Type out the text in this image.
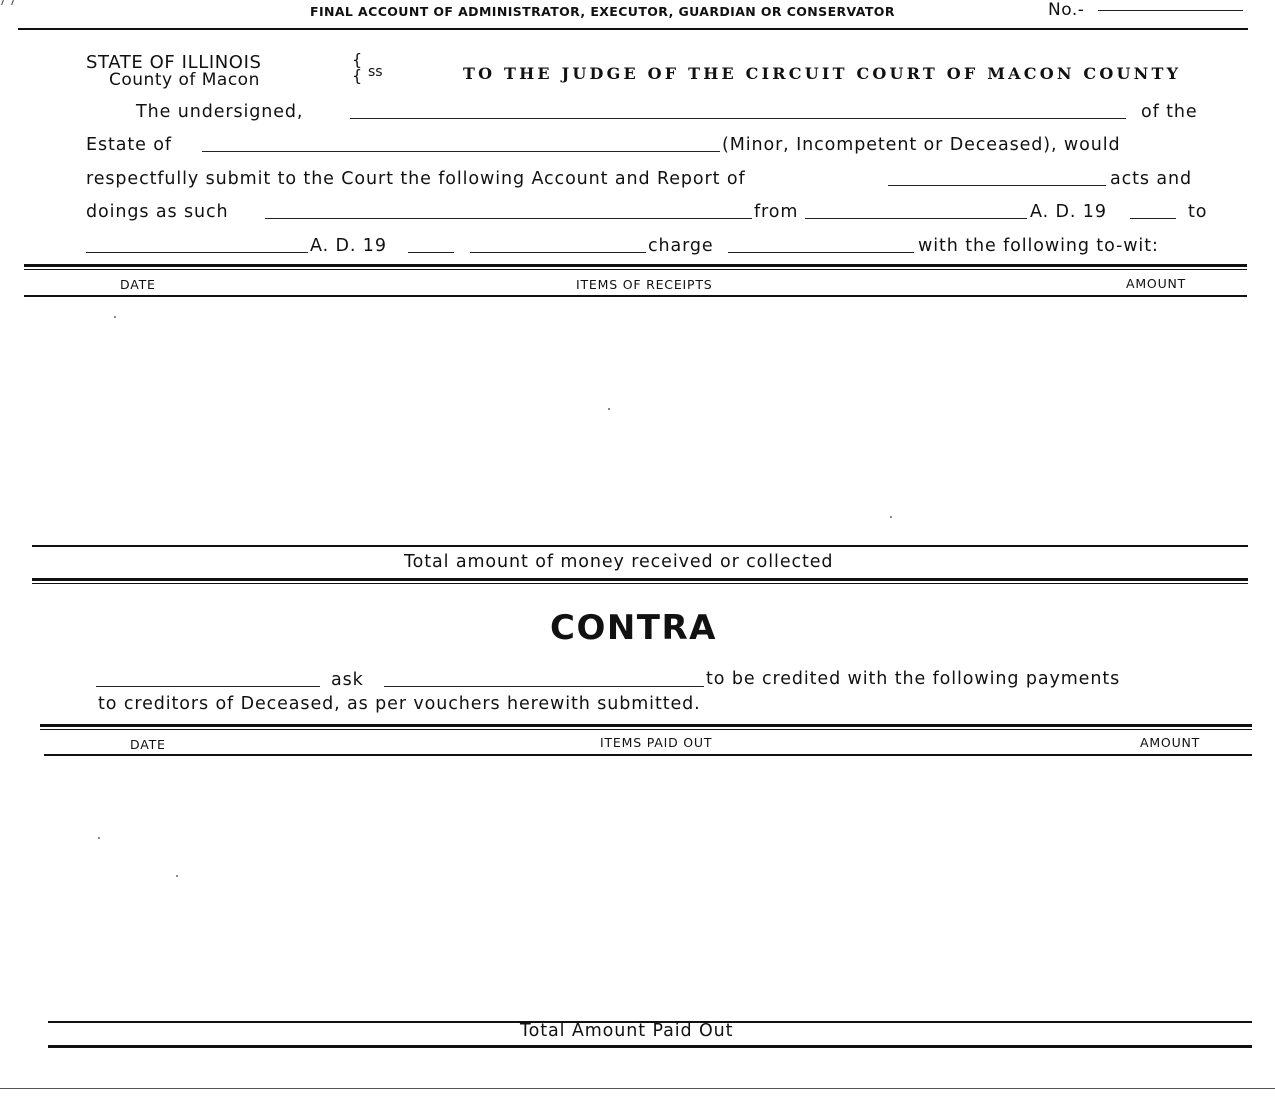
FINAL ACCOUNT OF ADMINISTRATOR, EXECUTOR, GUARDIAN OR CONSERVATOR	No.-
STATE OF ILLINOIS
County of Macon
{
{ ss	TO THE JUDGE OF THE CIRCUIT COURT OF MACON COUNTY
The undersigned,	of the
Estate of	(Minor, Incompetent or Deceased), would
respectfully submit to the Court the following Account and Report of	acts and
doings as such	from	A. D. 19	to
A. D. 19	charge	with the following to-wit:
DATE	ITEMS OF RECEIPTS	AMOUNT
Total amount of money received or collected
CONTRA
ask	to be credited with the following payments
to creditors of Deceased, as per vouchers herewith submitted.
DATE	ITEMS PAID OUT	AMOUNT
Total Amount Paid Out
